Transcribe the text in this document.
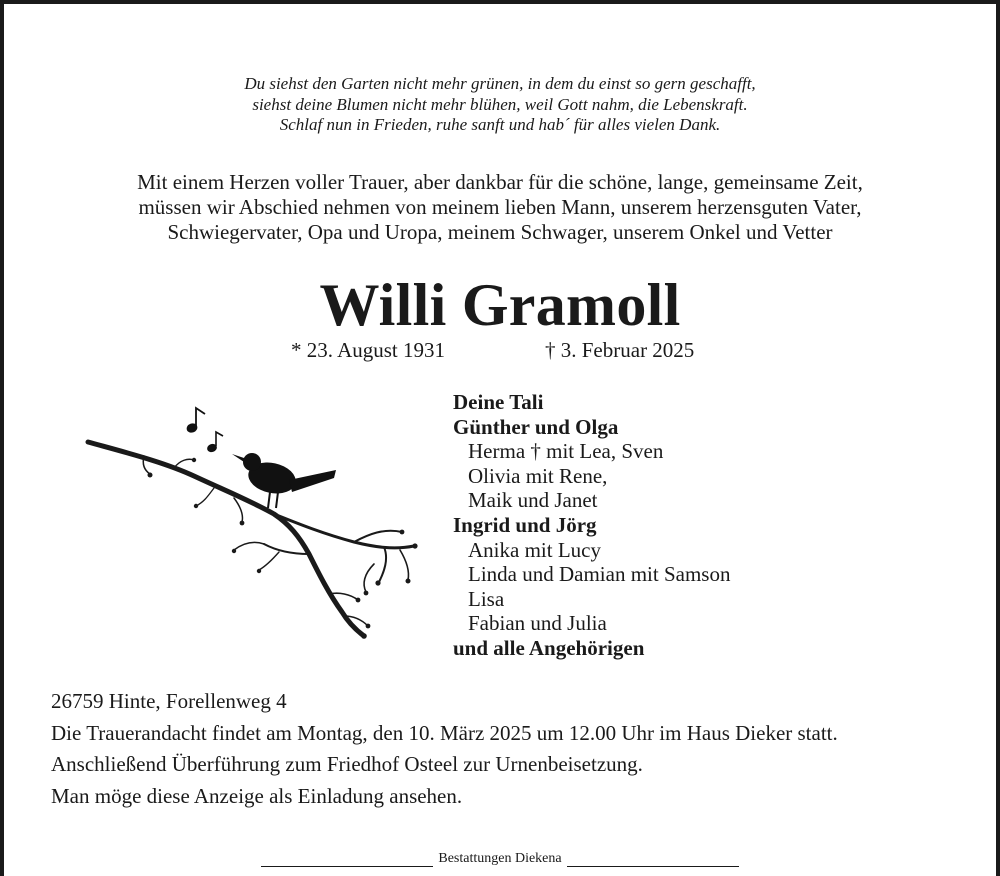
Du siehst den Garten nicht mehr grünen, in dem du einst so gern geschafft,
siehst deine Blumen nicht mehr blühen, weil Gott nahm, die Lebenskraft.
Schlaf nun in Frieden, ruhe sanft und hab´ für alles vielen Dank.
Mit einem Herzen voller Trauer, aber dankbar für die schöne, lange, gemeinsame Zeit,
müssen wir Abschied nehmen von meinem lieben Mann, unserem herzensguten Vater,
Schwiegervater, Opa und Uropa, meinem Schwager, unserem Onkel und Vetter
Willi Gramoll
* 23. August 1931	† 3. Februar 2025
Deine Tali
Günther und Olga
Herma † mit Lea, Sven
Olivia mit Rene,
Maik und Janet
Ingrid und Jörg
Anika mit Lucy
Linda und Damian mit Samson
Lisa
Fabian und Julia
und alle Angehörigen
26759 Hinte, Forellenweg 4
Die Trauerandacht findet am Montag, den 10. März 2025 um 12.00 Uhr im Haus Dieker statt.
Anschließend Überführung zum Friedhof Osteel zur Urnenbeisetzung.
Man möge diese Anzeige als Einladung ansehen.
Bestattungen Diekena
